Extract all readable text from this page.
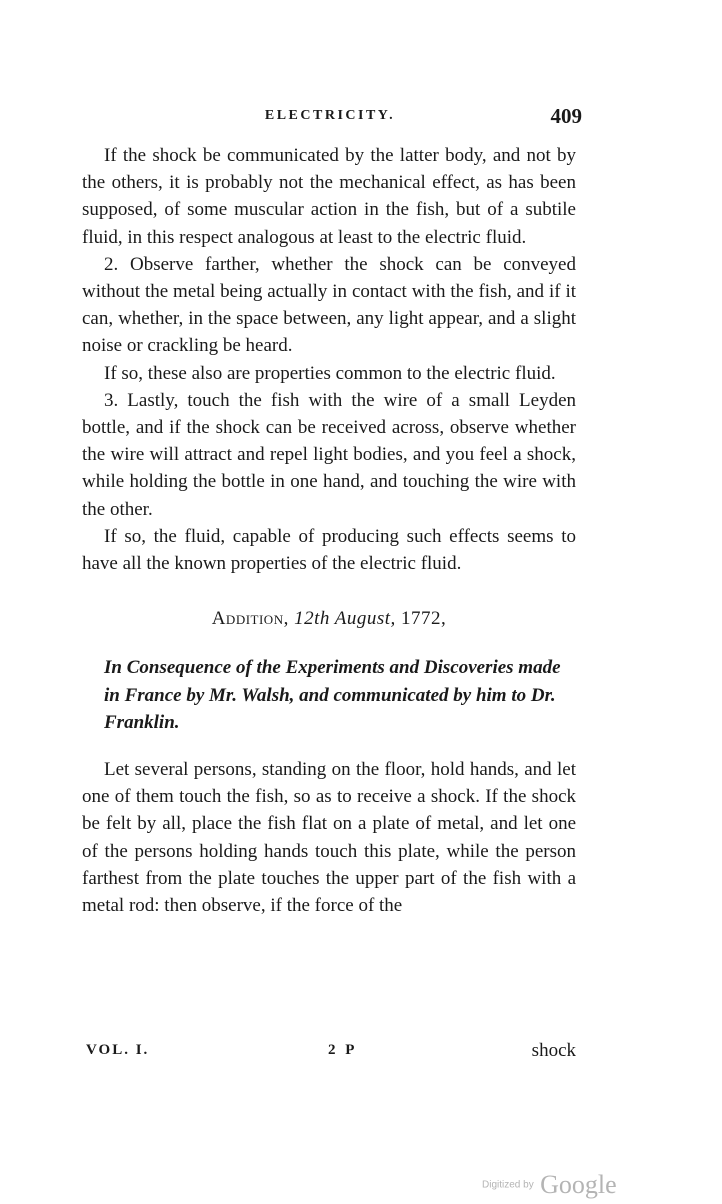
ELECTRICITY.	409

If the shock be communicated by the latter body, and not by the others, it is probably not the mechanical effect, as has been supposed, of some muscular action in the fish, but of a subtile fluid, in this respect analogous at least to the electric fluid.

2. Observe farther, whether the shock can be conveyed without the metal being actually in contact with the fish, and if it can, whether, in the space between, any light appear, and a slight noise or crackling be heard.

If so, these also are properties common to the electric fluid.

3. Lastly, touch the fish with the wire of a small Leyden bottle, and if the shock can be received across, observe whether the wire will attract and repel light bodies, and you feel a shock, while holding the bottle in one hand, and touching the wire with the other.

If so, the fluid, capable of producing such effects seems to have all the known properties of the electric fluid.

Addition, 12th August, 1772,

In Consequence of the Experiments and Discoveries made in France by Mr. Walsh, and communicated by him to Dr. Franklin.

Let several persons, standing on the floor, hold hands, and let one of them touch the fish, so as to receive a shock. If the shock be felt by all, place the fish flat on a plate of metal, and let one of the persons holding hands touch this plate, while the person farthest from the plate touches the upper part of the fish with a metal rod: then observe, if the force of the

VOL. I.	2 P	shock
Digitized by Google
